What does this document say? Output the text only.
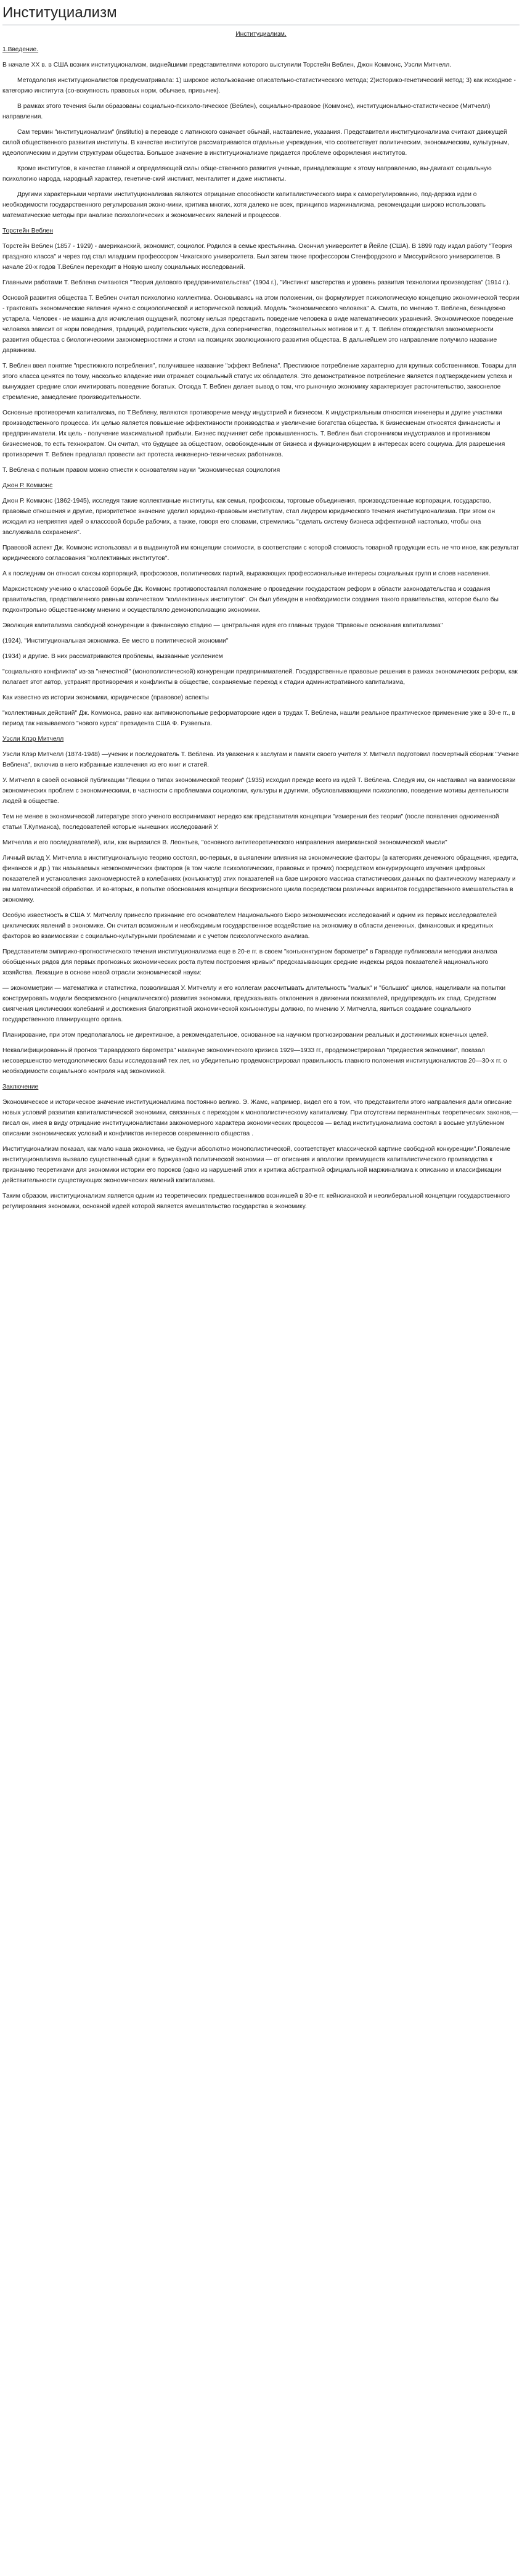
Институциализм

Институциализм.

1.Введение.

В начале XX в. в США возник институционализм, виднейшими представителями которого выступили Торстейн Веблен, Джон Коммонс, Уэсли Митчелл.

Методология институционалистов предусматривала: 1) широкое использование описательно-статистического метода; 2)историко-генетический метод; 3) как исходное - категорию института (со-вокупность правовых норм, обычаев, привычек).

В рамках этого течения были образованы социально-психоло-гическое (Веблен), социально-правовое (Коммонс), институционально-статистическое (Митчелл) направления.

Сам термин "институционализм" (institutio) в переводе с латинского означает обычай, наставление, указания. Представители институционализма считают движущей силой общественного развития институты. В качестве институтов рассматриваются отдельные учреждения, что соответствует политическим, экономическим, культурным, идеологическим и другим структурам общества. Большое значение в институционализме придается проблеме оформления институтов.

Кроме институтов, в качестве главной и определяющей силы обще-ственного развития ученые, принадлежащие к этому направлению, вы-двигают социальную психологию народа, народный характер, генетиче-ский инстинкт, менталитет и даже инстинкты.

Другими характерными чертами институционализма являются отрицание способности капиталистического мира к саморегулированию, под-держка идеи о необходимости государственного регулирования эконо-мики, критика многих, хотя далеко не всех, принципов маржинализма, рекомендации широко использовать математические методы при анализе психологических и экономических явлений и процессов.

Торстейн Веблен

Торстейн Веблен (1857 - 1929) - американский, экономист, социолог. Родился в семье крестьянина. Окончил университет в Йейле (США). В 1899 году издал работу "Теория праздного класса" и через год стал младшим профессором Чикагского университета. Был затем также профессором Стенфордского и Миссурийского университетов. В начале 20-х годов Т.Веблен переходит в Новую школу социальных исследований.

Главными работами Т. Веблена считаются "Теория делового предпринимательства" (1904 г.), "Инстинкт мастерства и уровень развития технологии производства" (1914 г.).

Основой развития общества Т. Веблен считал психологию коллектива. Основываясь на этом положении, он формулирует психологическую концепцию экономической теории - трактовать экономические явления нужно с социологической и исторической позиций. Модель "экономического человека" А. Смита, по мнению Т. Веблена, безнадежно устарела. Человек - не машина для исчисления ощущений, поэтому нельзя представить поведение человека в виде математических уравнений. Экономическое поведение человека зависит от норм поведения, традиций, родительских чувств, духа соперничества, подсознательных мотивов и т. д. Т. Веблен отождествлял закономерности развития общества с биологическими закономерностями и стоял на позициях эволюционного развития общества. В дальнейшем это направление получило название дарвинизм.

Т. Веблен ввел понятие "престижного потребления", получившее название "эффект Веблена". Престижное потребление характерно для крупных собственников. Товары для этого класса ценятся по тому, насколько владение ими отражает социальный статус их обладателя. Это демонстративное потребление является подтверждением успеха и вынуждает средние слои имитировать поведение богатых. Отсюда Т. Веблен делает вывод о том, что рыночную экономику характеризует расточительство, закоснелое стремление, замедление производительности.

Основные противоречия капитализма, по Т.Веблену, являются противоречие между индустрией и бизнесом. К индустриальным относятся инженеры и другие участники производственного процесса. Их целью является повышение эффективности производства и увеличение богатства общества. К бизнесменам относятся финансисты и предприниматели. Их цель - получение максимальной прибыли. Бизнес подчиняет себе промышленность. Т. Веблен был сторонником индустриалов и противником бизнесменов, то есть технократом. Он считал, что будущее за обществом, освобожденным от бизнеса и функционирующим в интересах всего социума. Для разрешения противоречия Т. Веблен предлагал провести акт протеста инженерно-технических работников.

Т. Веблена с полным правом можно отнести к основателям науки "экономическая социология

Джон Р. Коммонс

Джон Р. Коммонс (1862-1945), исследуя такие коллективные институты, как семья, профсоюзы, торговые объединения, производственные корпорации, государство, правовые отношения и другие, приоритетное значение уделил юридико-правовым институтам, стал лидером юридического течения институционализма. При этом он исходил из неприятия идей о классовой борьбе рабочих, а также, говоря его словами, стремились "сделать систему бизнеса эффективной настолько, чтобы она заслуживала сохранения".

Правовой аспект Дж. Коммонс использовал и в выдвинутой им концепции стоимости, в соответствии с которой стоимость товарной продукции есть не что иное, как результат юридического согласования "коллективных институтов".

А к последним он относил союзы корпораций, профсоюзов, политических партий, выражающих профессиональные интересы социальных групп и слоев населения.

Марксистскому учению о классовой борьбе Дж. Коммонс противопоставлял положение о проведении государством реформ в области законодательства и создания правительства, представленного равным количеством "коллективных институтов". Он был убежден в необходимости создания такого правительства, которое было бы подконтрольно общественному мнению и осуществляло демонополизацию экономики.

Эволюция капитализма свободной конкуренции в финансовую стадию — центральная идея его главных трудов "Правовые основания капитализма"

(1924), "Институциональная экономика. Ее место в политической экономии"

(1934) и другие. В них рассматриваются проблемы, вызванные усилением

"социального конфликта" из-за "нечестной" (монополистической) конкуренции предпринимателей. Государственные правовые решения в рамках экономических реформ, как полагает этот автор, устранят противоречия и конфликты в обществе, сохраняемые переход к стадии административного капитализма,

Как известно из истории экономики, юридическое (правовое) аспекты

"коллективных действий" Дж. Коммонса, равно как антимонопольные реформаторские идеи в трудах Т. Веблена, нашли реальное практическое применение уже в 30-е гг., в период так называемого "нового курса" президента США Ф. Рузвельта.

Уэсли Клэр Митчелл

Уэсли Клэр Митчелл (1874-1948) —ученик и последователь Т. Веблена. Из уважения к заслугам и памяти своего учителя У. Митчелл подготовил посмертный сборник "Учение Веблена", включив в него избранные извлечения из его книг и статей.

У. Митчелл в своей основной публикации "Лекции о типах экономической теории" (1935) исходил прежде всего из идей Т. Веблена. Следуя им, он настаивал на взаимосвязи экономических проблем с экономическими, в частности с проблемами социологии, культуры и другими, обусловливающими психологию, поведение мотивы деятельности людей в обществе.

Тем не менее в экономической литературе этого ученого воспринимают нередко как представителя концепции "измерения без теории" (после появления одноименной статьи Т.Купманса), последователей которые нынешних исследований У.

Митчелла и его последователей), или, как выразился В. Леонтьев, "основного антитеоретического направления американской экономической мысли"

Личный вклад У. Митчелла в институциональную теорию состоял, во-первых, в выявлении влияния на экономические факторы (в категориях денежного обращения, кредита, финансов и др.) так называемых неэкономических факторов (в том числе психологических, правовых и прочих) посредством конкурирующего изучения цифровых показателей и установления закономерностей в колебаниях (конъюнктур) этих показателей на базе широкого массива статистических данных по фактическому материалу и им математической обработки. И во-вторых, в попытке обоснования концепции бескризисного цикла посредством различных вариантов государственного вмешательства в экономику.

Особую известность в США У. Митчеллу принесло признание его основателем Национального Бюро экономических исследований и одним из первых исследователей циклических явлений в экономике. Он считал возможным и необходимым государственное воздействие на экономику в области денежных, финансовых и кредитных факторов во взаимосвязи с социально-культурными проблемами и с учетом психологического анализа.

Представители эмпирико-прогностического течения институционализма еще в 20-е гг. в своем "конъюнктурном барометре" в Гарварде публиковали методики анализа обобщенных рядов для первых прогнозных экономических роста путем построения кривых" предсказывающих средние индексы рядов показателей национального хозяйства. Лежащие в основе новой отрасли экономической науки:

— экономметрии — математика и статистика, позволившая У. Митчеллу и его коллегам рассчитывать длительность "малых" и "больших" циклов, нацеливали на попытки конструировать модели бескризисного (нециклического) развития экономики, предсказывать отклонения в движении показателей, предупреждать их спад. Средством смягчения циклических колебаний и достижения благоприятной экономической конъюнктуры должно, по мнению У. Митчелла, явиться создание социального государственного планирующего органа.

Планирование, при этом предполагалось не директивное, а рекомендательное, основанное на научном прогнозировании реальных и достижимых конечных целей.

Неквалифицированный прогноз "Гарвардского барометра" накануне экономического кризиса 1929—1933 гг., продемонстрировал "предвестия экономики", показал несовершенство методологических базы исследований тех лет, но убедительно продемонстрировал правильность главного положения институционалистов 20—30-х гг. о необходимости социального контроля над экономикой.

Заключение

Экономическое и историческое значение институционализма постоянно велико. Э. Жамс, например, видел его в том, что представители этого направления дали описание новых условий развития капиталистической экономики, связанных с переходом к монополистическому капитализму. При отсутствии перманентных теоретических законов,— писал он, имея в виду отрицание институционалистами закономерного характера экономических процессов — велад институционализма состоял в восьме углубленном описании экономических условий и конфликтов интересов современного общества .

Институционализм показал, как мало наша экономика, не будучи абсолютно монополистической, соответствует классической картине свободной конкуренции".Появление институционализма вызвало существенный сдвиг в буржуазной политической экономии — от описания и апологии преимуществ капиталистического производства к признанию теоретиками для экономики истории его пороков (одно из нарушений этих и критика абстрактной официальной маржинализма к описанию и классификации действительности существующих экономических явлений капитализма.

Таким образом, институционализм является одним из теоретических предшественников возникшей в 30-е гг. кейнсианской и неолиберальной концепции государственного регулирования экономики, основной идеей которой является вмешательство государства в экономику.
